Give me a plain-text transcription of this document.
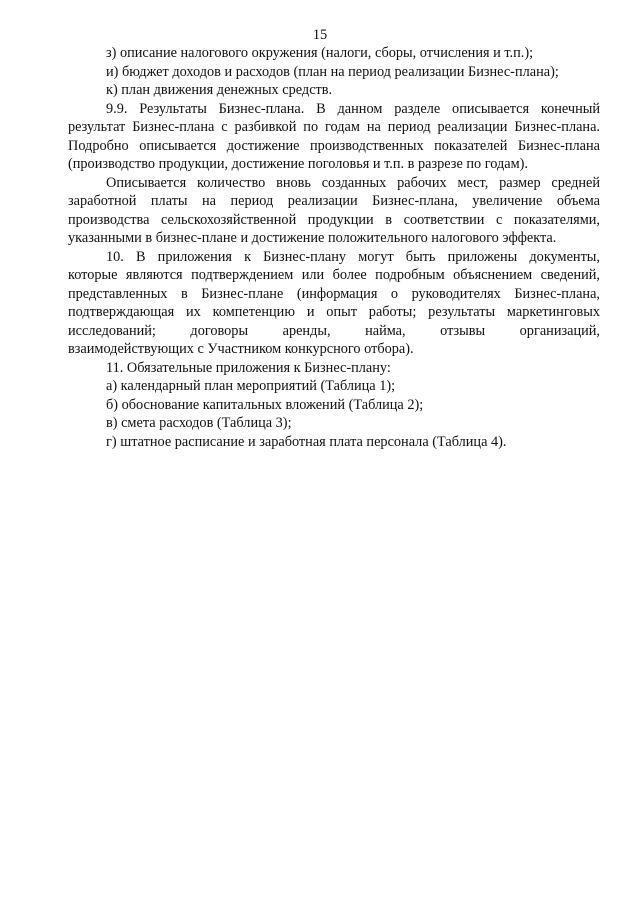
15
з) описание налогового окружения (налоги, сборы, отчисления и т.п.);
и) бюджет доходов и расходов (план на период реализации Бизнес-плана);
к) план движения денежных средств.
9.9. Результаты Бизнес-плана. В данном разделе описывается конечный
результат Бизнес-плана с разбивкой по годам на период реализации Бизнес-плана.
Подробно описывается достижение производственных показателей Бизнес-плана
(производство продукции, достижение поголовья и т.п. в разрезе по годам).
Описывается количество вновь созданных рабочих мест, размер средней
заработной платы на период реализации Бизнес-плана, увеличение объема
производства сельскохозяйственной продукции в соответствии с показателями,
указанными в бизнес-плане и достижение положительного налогового эффекта.
10. В приложения к Бизнес-плану могут быть приложены документы,
которые являются подтверждением или более подробным объяснением сведений,
представленных в Бизнес-плане (информация о руководителях Бизнес-плана,
подтверждающая их компетенцию и опыт работы; результаты маркетинговых
исследований; договоры аренды, найма, отзывы организаций,
взаимодействующих с Участником конкурсного отбора).
11. Обязательные приложения к Бизнес-плану:
а) календарный план мероприятий (Таблица 1);
б) обоснование капитальных вложений (Таблица 2);
в) смета расходов (Таблица 3);
г) штатное расписание и заработная плата персонала (Таблица 4).
